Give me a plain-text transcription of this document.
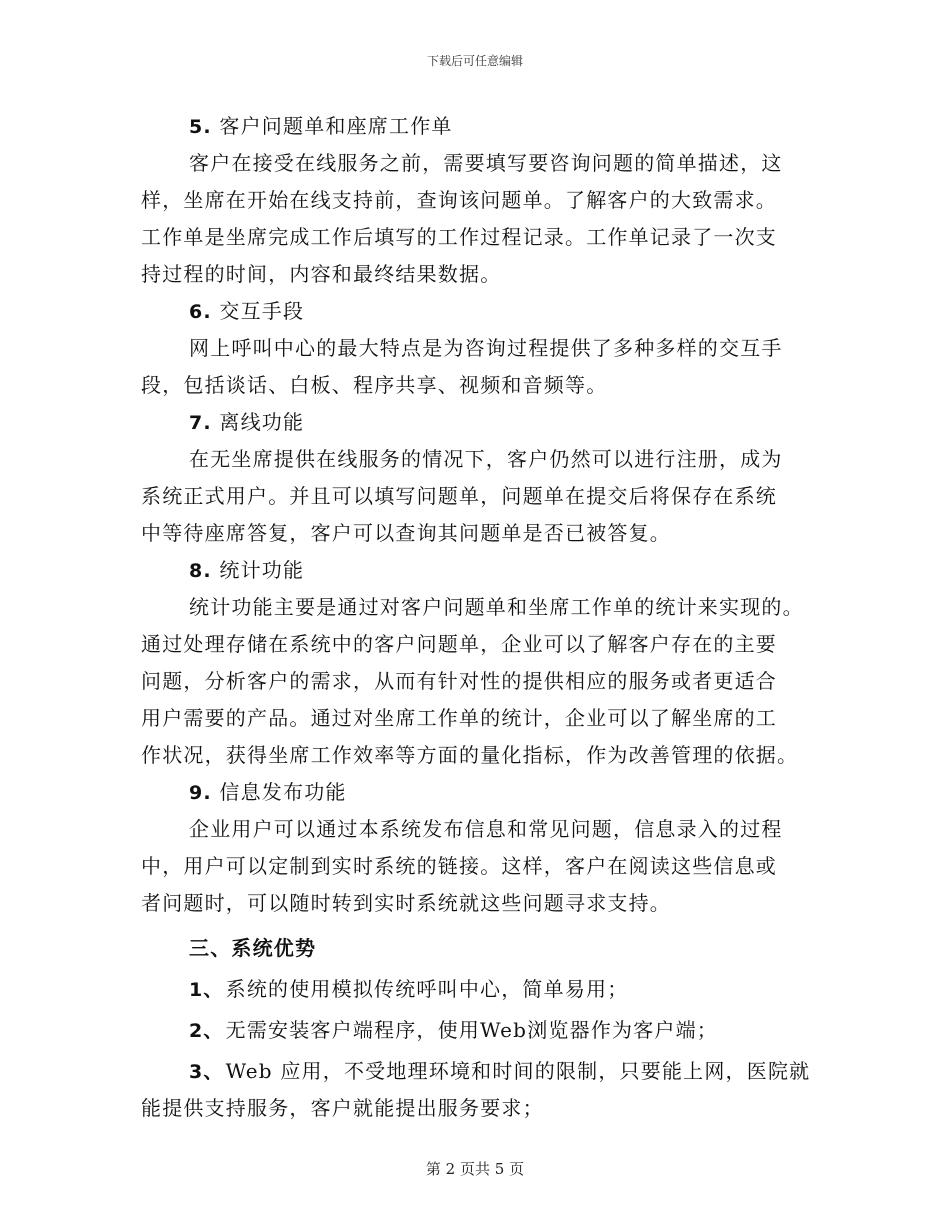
下载后可任意编辑
5. 客户问题单和座席工作单
客户在接受在线服务之前，需要填写要咨询问题的简单描述，这
样，坐席在开始在线支持前，查询该问题单。了解客户的大致需求。
工作单是坐席完成工作后填写的工作过程记录。工作单记录了一次支
持过程的时间，内容和最终结果数据。
6. 交互手段
网上呼叫中心的最大特点是为咨询过程提供了多种多样的交互手
段，包括谈话、白板、程序共享、视频和音频等。
7. 离线功能
在无坐席提供在线服务的情况下，客户仍然可以进行注册，成为
系统正式用户。并且可以填写问题单，问题单在提交后将保存在系统
中等待座席答复，客户可以查询其问题单是否已被答复。
8. 统计功能
统计功能主要是通过对客户问题单和坐席工作单的统计来实现的。
通过处理存储在系统中的客户问题单，企业可以了解客户存在的主要
问题，分析客户的需求，从而有针对性的提供相应的服务或者更适合
用户需要的产品。通过对坐席工作单的统计，企业可以了解坐席的工
作状况，获得坐席工作效率等方面的量化指标，作为改善管理的依据。
9. 信息发布功能
企业用户可以通过本系统发布信息和常见问题，信息录入的过程
中，用户可以定制到实时系统的链接。这样，客户在阅读这些信息或
者问题时，可以随时转到实时系统就这些问题寻求支持。
三、系统优势
1、 系统的使用模拟传统呼叫中心，简单易用；
2、 无需安装客户端程序，使用Web浏览器作为客户端；
3、 Web 应用，不受地理环境和时间的限制，只要能上网，医院就
能提供支持服务，客户就能提出服务要求；
第 2 页共 5 页
